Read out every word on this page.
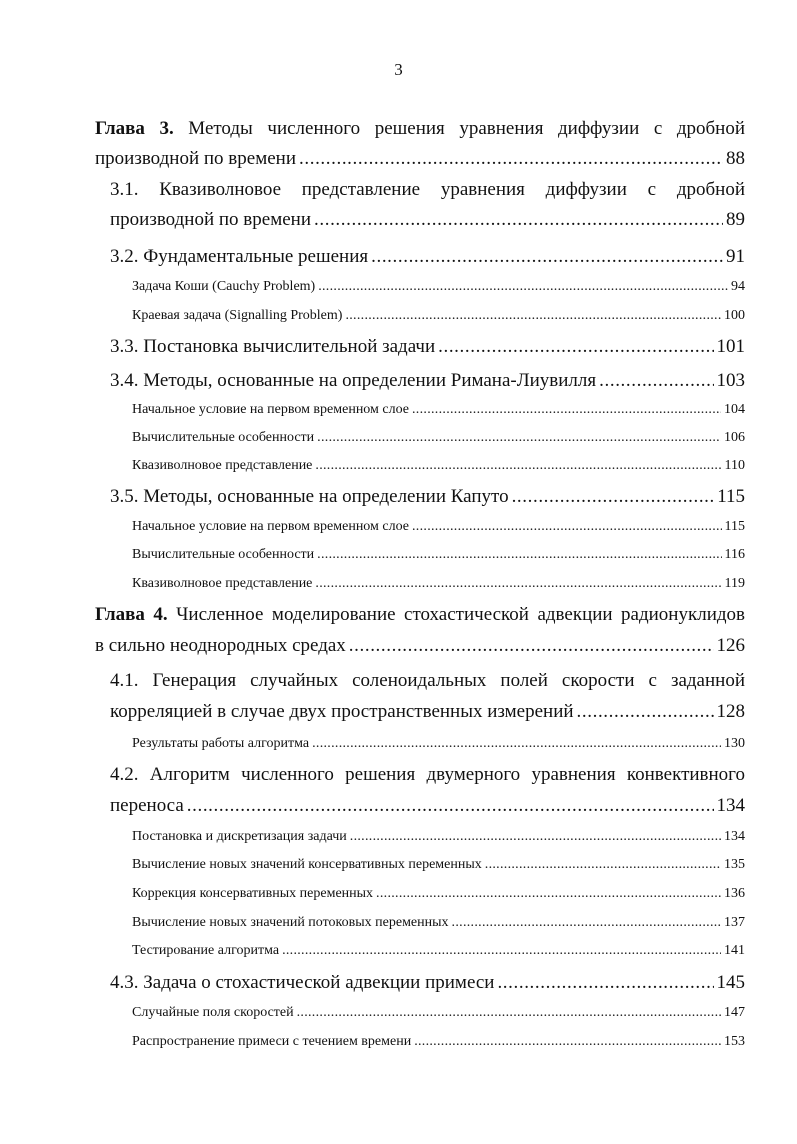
3
Глава 3. Методы численного решения уравнения диффузии с дробной
производной по времени .....	88
3.1. Квазиволновое представление уравнения диффузии с дробной
производной по времени .....	89
3.2. Фундаментальные решения .....	91
Задача Коши (Cauchy Problem) .....	94
Краевая задача (Signalling Problem) .....	100
3.3. Постановка вычислительной задачи .....	101
3.4. Методы, основанные на определении Римана-Лиувилля .....	103
Начальное условие на первом временном слое .....	104
Вычислительные особенности .....	106
Квазиволновое представление .....	110
3.5. Методы, основанные на определении Капуто .....	115
Начальное условие на первом временном слое .....	115
Вычислительные особенности .....	116
Квазиволновое представление .....	119
Глава 4. Численное моделирование стохастической адвекции радионуклидов
в сильно неоднородных средах .....	126
4.1. Генерация случайных соленоидальных полей скорости с заданной
корреляцией в случае двух пространственных измерений .....	128
Результаты работы алгоритма .....	130
4.2. Алгоритм численного решения двумерного уравнения конвективного
переноса .....	134
Постановка и дискретизация задачи .....	134
Вычисление новых значений консервативных переменных .....	135
Коррекция консервативных переменных .....	136
Вычисление новых значений потоковых переменных .....	137
Тестирование алгоритма .....	141
4.3. Задача о стохастической адвекции примеси .....	145
Случайные поля скоростей .....	147
Распространение примеси с течением времени .....	153
